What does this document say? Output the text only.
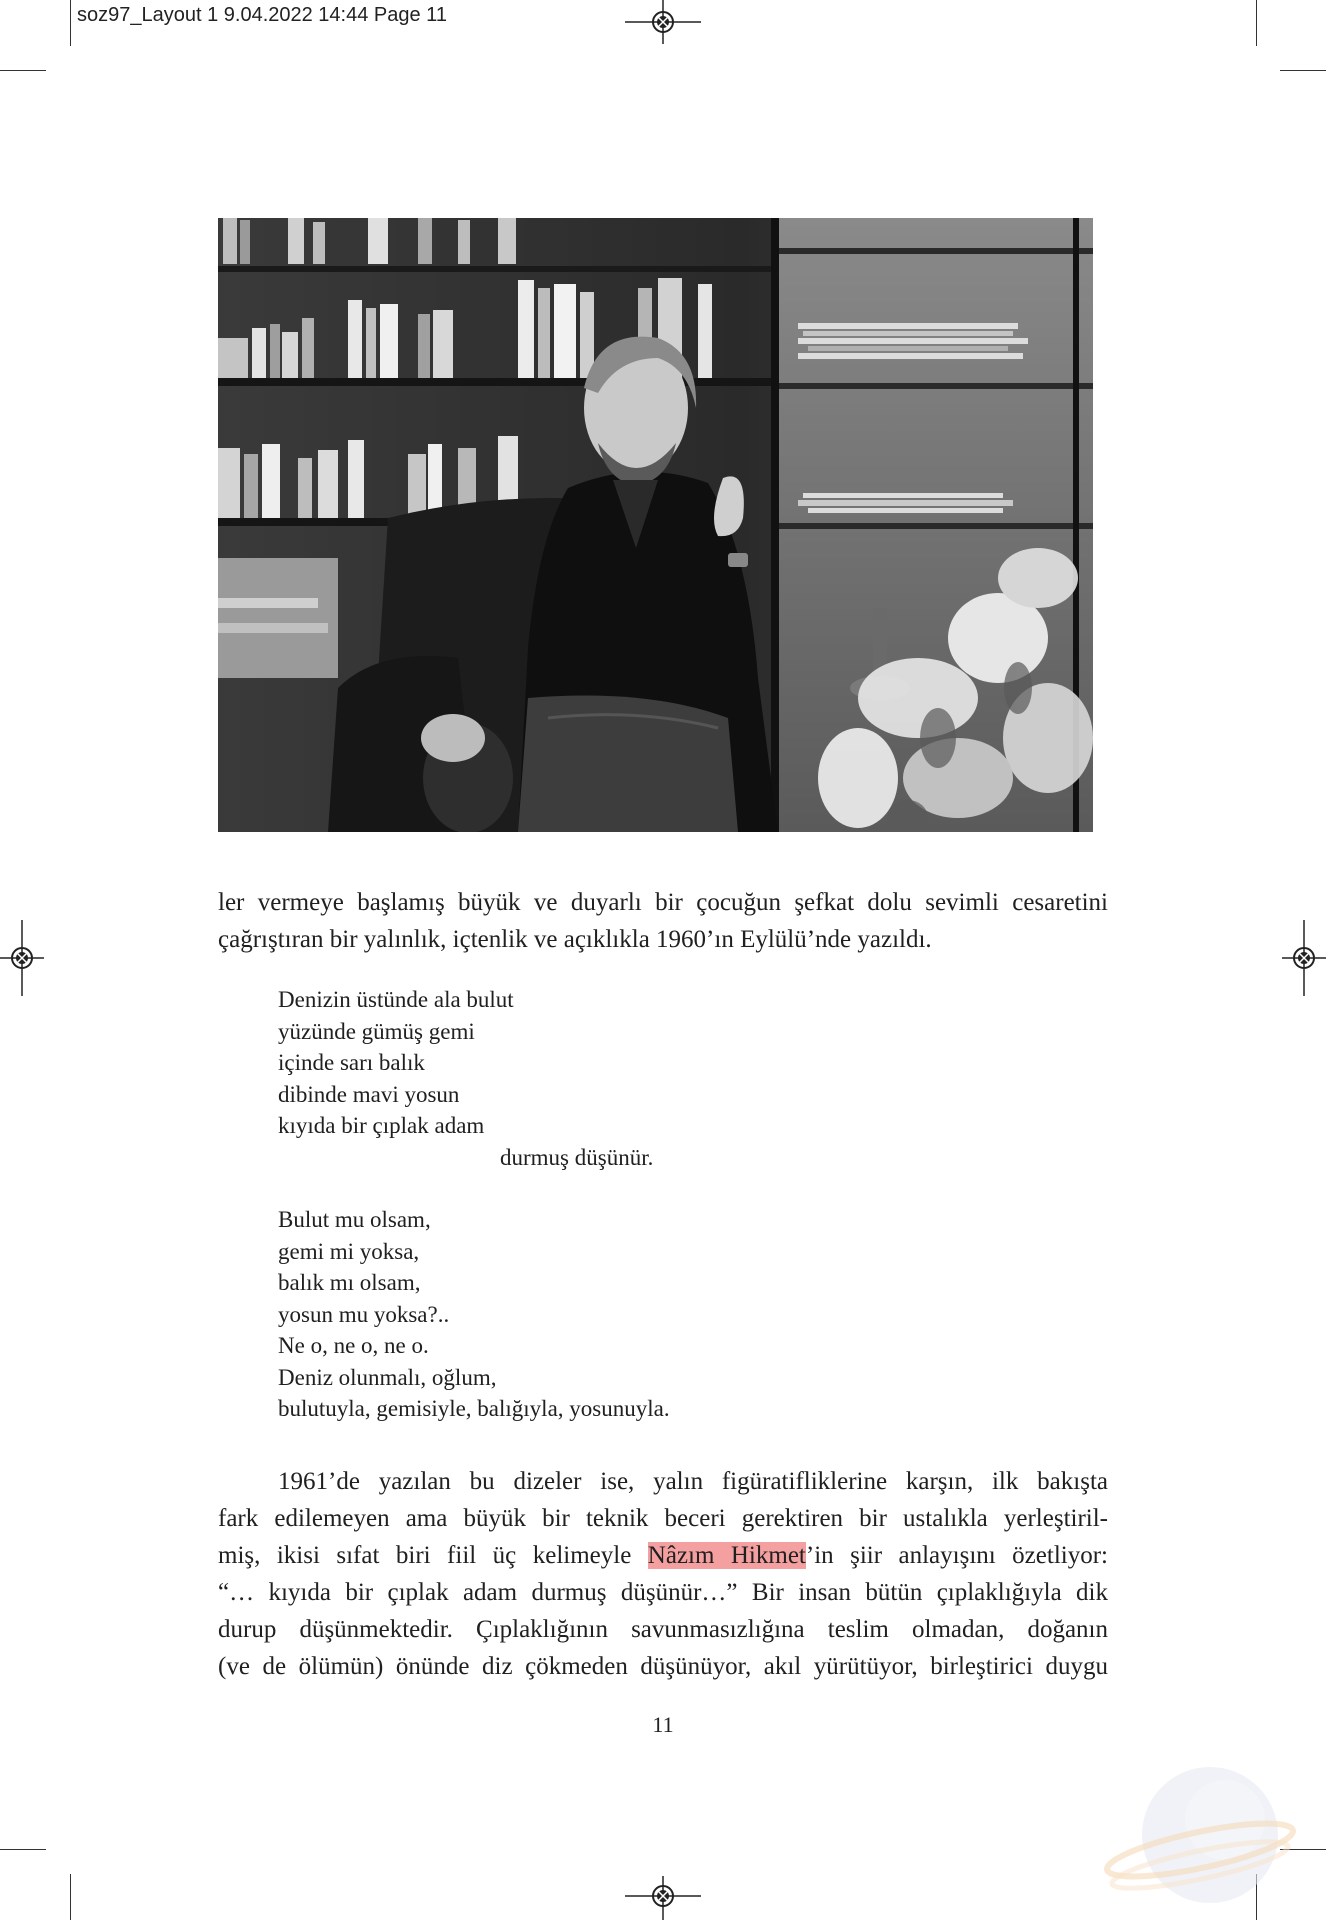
soz97_Layout 1 9.04.2022 14:44 Page 11
ler vermeye başlamış büyük ve duyarlı bir çocuğun şefkat dolu sevimli cesaretini
çağrıştıran bir yalınlık, içtenlik ve açıklıkla 1960’ın Eylülü’nde yazıldı.
Denizin üstünde ala bulut
yüzünde gümüş gemi
içinde sarı balık
dibinde mavi yosun
kıyıda bir çıplak adam
durmuş düşünür.
Bulut mu olsam,
gemi mi yoksa,
balık mı olsam,
yosun mu yoksa?..
Ne o, ne o, ne o.
Deniz olunmalı, oğlum,
bulutuyla, gemisiyle, balığıyla, yosunuyla.
1961’de yazılan bu dizeler ise, yalın figüratifliklerine karşın, ilk bakışta
fark edilemeyen ama büyük bir teknik beceri gerektiren bir ustalıkla yerleştiril-
miş, ikisi sıfat biri fiil üç kelimeyle Nâzım Hikmet’in şiir anlayışını özetliyor:
“… kıyıda bir çıplak adam durmuş düşünür…” Bir insan bütün çıplaklığıyla dik
durup düşünmektedir. Çıplaklığının savunmasızlığına teslim olmadan, doğanın
(ve de ölümün) önünde diz çökmeden düşünüyor, akıl yürütüyor, birleştirici duygu
11
